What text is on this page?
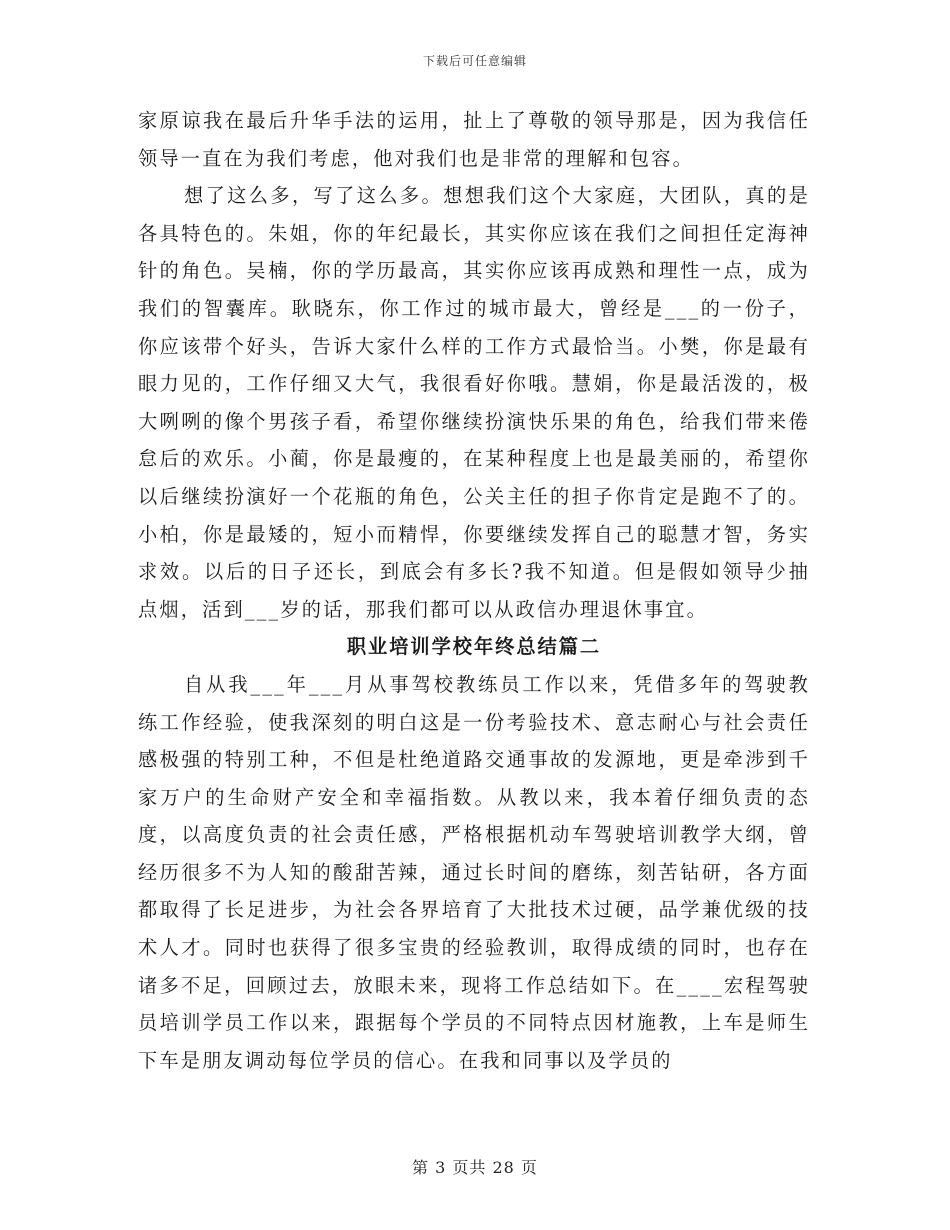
下载后可任意编辑

家原谅我在最后升华手法的运用，扯上了尊敬的领导那是，因为我信任领导一直在为我们考虑，他对我们也是非常的理解和包容。

想了这么多，写了这么多。想想我们这个大家庭，大团队，真的是各具特色的。朱姐，你的年纪最长，其实你应该在我们之间担任定海神针的角色。吴楠，你的学历最高，其实你应该再成熟和理性一点，成为我们的智囊库。耿晓东，你工作过的城市最大，曾经是___的一份子，你应该带个好头，告诉大家什么样的工作方式最恰当。小樊，你是最有眼力见的，工作仔细又大气，我很看好你哦。慧娟，你是最活泼的，极大咧咧的像个男孩子看，希望你继续扮演快乐果的角色，给我们带来倦怠后的欢乐。小蔺，你是最瘦的，在某种程度上也是最美丽的，希望你以后继续扮演好一个花瓶的角色，公关主任的担子你肯定是跑不了的。小柏，你是最矮的，短小而精悍，你要继续发挥自己的聪慧才智，务实求效。以后的日子还长，到底会有多长?我不知道。但是假如领导少抽点烟，活到___岁的话，那我们都可以从政信办理退休事宜。

职业培训学校年终总结篇二

自从我___年___月从事驾校教练员工作以来，凭借多年的驾驶教练工作经验，使我深刻的明白这是一份考验技术、意志耐心与社会责任感极强的特别工种，不但是杜绝道路交通事故的发源地，更是牵涉到千家万户的生命财产安全和幸福指数。从教以来，我本着仔细负责的态度，以高度负责的社会责任感，严格根据机动车驾驶培训教学大纲，曾经历很多不为人知的酸甜苦辣，通过长时间的磨练，刻苦钻研，各方面都取得了长足进步，为社会各界培育了大批技术过硬，品学兼优级的技术人才。同时也获得了很多宝贵的经验教训，取得成绩的同时，也存在诸多不足，回顾过去，放眼未来，现将工作总结如下。在____宏程驾驶员培训学员工作以来，跟据每个学员的不同特点因材施教，上车是师生下车是朋友调动每位学员的信心。在我和同事以及学员的

第 3 页共 28 页
